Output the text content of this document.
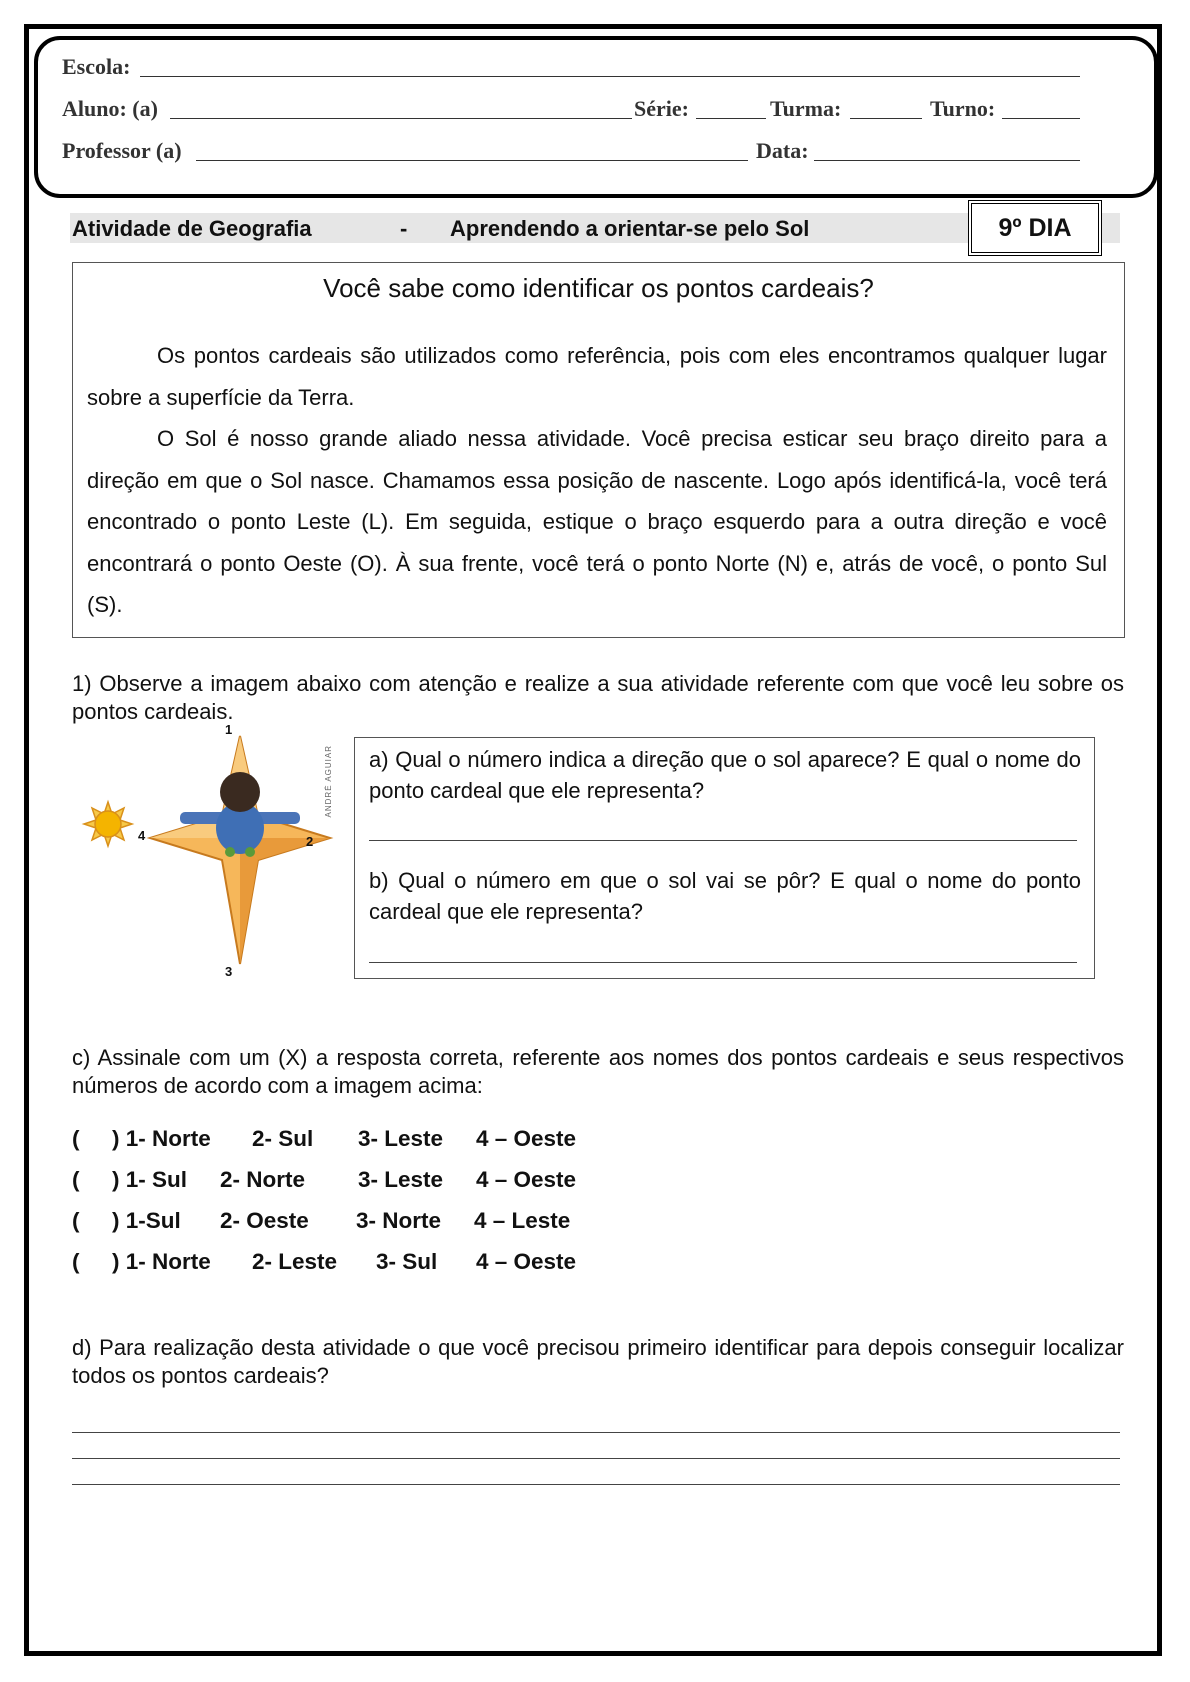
Escola:
Aluno: (a)	Série:	Turma:	Turno:
Professor (a)	Data:
Atividade de Geografia	- Aprendendo a orientar-se pelo Sol	9º DIA
Você sabe como identificar os pontos cardeais?
Os pontos cardeais são utilizados como referência, pois com eles encontramos qualquer lugar sobre a superfície da Terra.
O Sol é nosso grande aliado nessa atividade. Você precisa esticar seu braço direito para a direção em que o Sol nasce. Chamamos essa posição de nascente. Logo após identificá-la, você terá encontrado o ponto Leste (L). Em seguida, estique o braço esquerdo para a outra direção e você encontrará o ponto Oeste (O). À sua frente, você terá o ponto Norte (N) e, atrás de você, o ponto Sul (S).
1) Observe a imagem abaixo com atenção e realize a sua atividade referente com que você leu sobre os pontos cardeais.
1
2
3
4
ANDRÉ AGUIAR a) Qual o número indica a direção que o sol aparece? E qual o nome do ponto cardeal que ele representa?
b) Qual o número em que o sol vai se pôr? E qual o nome do ponto cardeal que ele representa?
c) Assinale com um (X) a resposta correta, referente aos nomes dos pontos cardeais e seus respectivos números de acordo com a imagem acima:
( ) 1- Norte 2- Sul 3- Leste 4 – Oeste
( ) 1- Sul 2- Norte 3- Leste 4 – Oeste
( ) 1-Sul 2- Oeste 3- Norte 4 – Leste
( ) 1- Norte 2- Leste 3- Sul 4 – Oeste
d) Para realização desta atividade o que você precisou primeiro identificar para depois conseguir localizar todos os pontos cardeais?
